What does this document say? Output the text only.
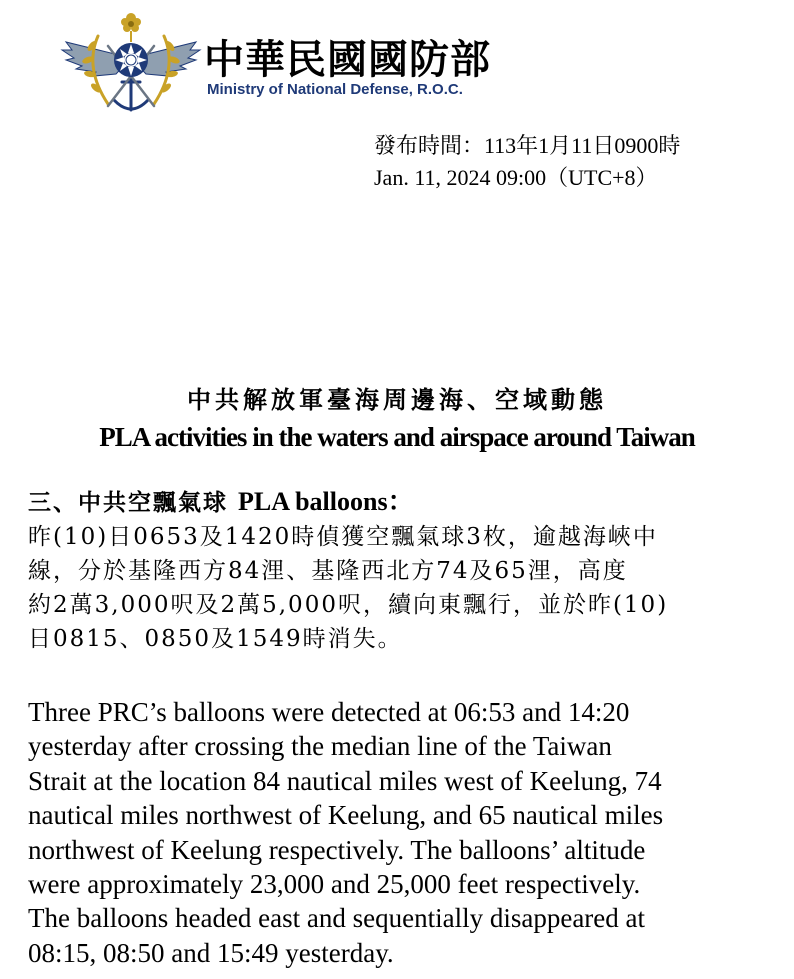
中華民國國防部
Ministry of National Defense, R.O.C.
發布時間：113年1月11日0900時
Jan. 11, 2024 09:00（UTC+8）
中共解放軍臺海周邊海、空域動態
PLA activities in the waters and airspace around Taiwan
三、中共空飄氣球 PLA balloons：

昨(10)日0653及1420時偵獲空飄氣球3枚，逾越海峽中
線，分於基隆西方84浬、基隆西北方74及65浬，高度
約2萬3,000呎及2萬5,000呎，續向東飄行，並於昨(10)
日0815、0850及1549時消失。

Three PRC’s balloons were detected at 06:53 and 14:20
yesterday after crossing the median line of the Taiwan
Strait at the location 84 nautical miles west of Keelung, 74
nautical miles northwest of Keelung, and 65 nautical miles
northwest of Keelung respectively. The balloons’ altitude
were approximately 23,000 and 25,000 feet respectively.
The balloons headed east and sequentially disappeared at
08:15, 08:50 and 15:49 yesterday.
